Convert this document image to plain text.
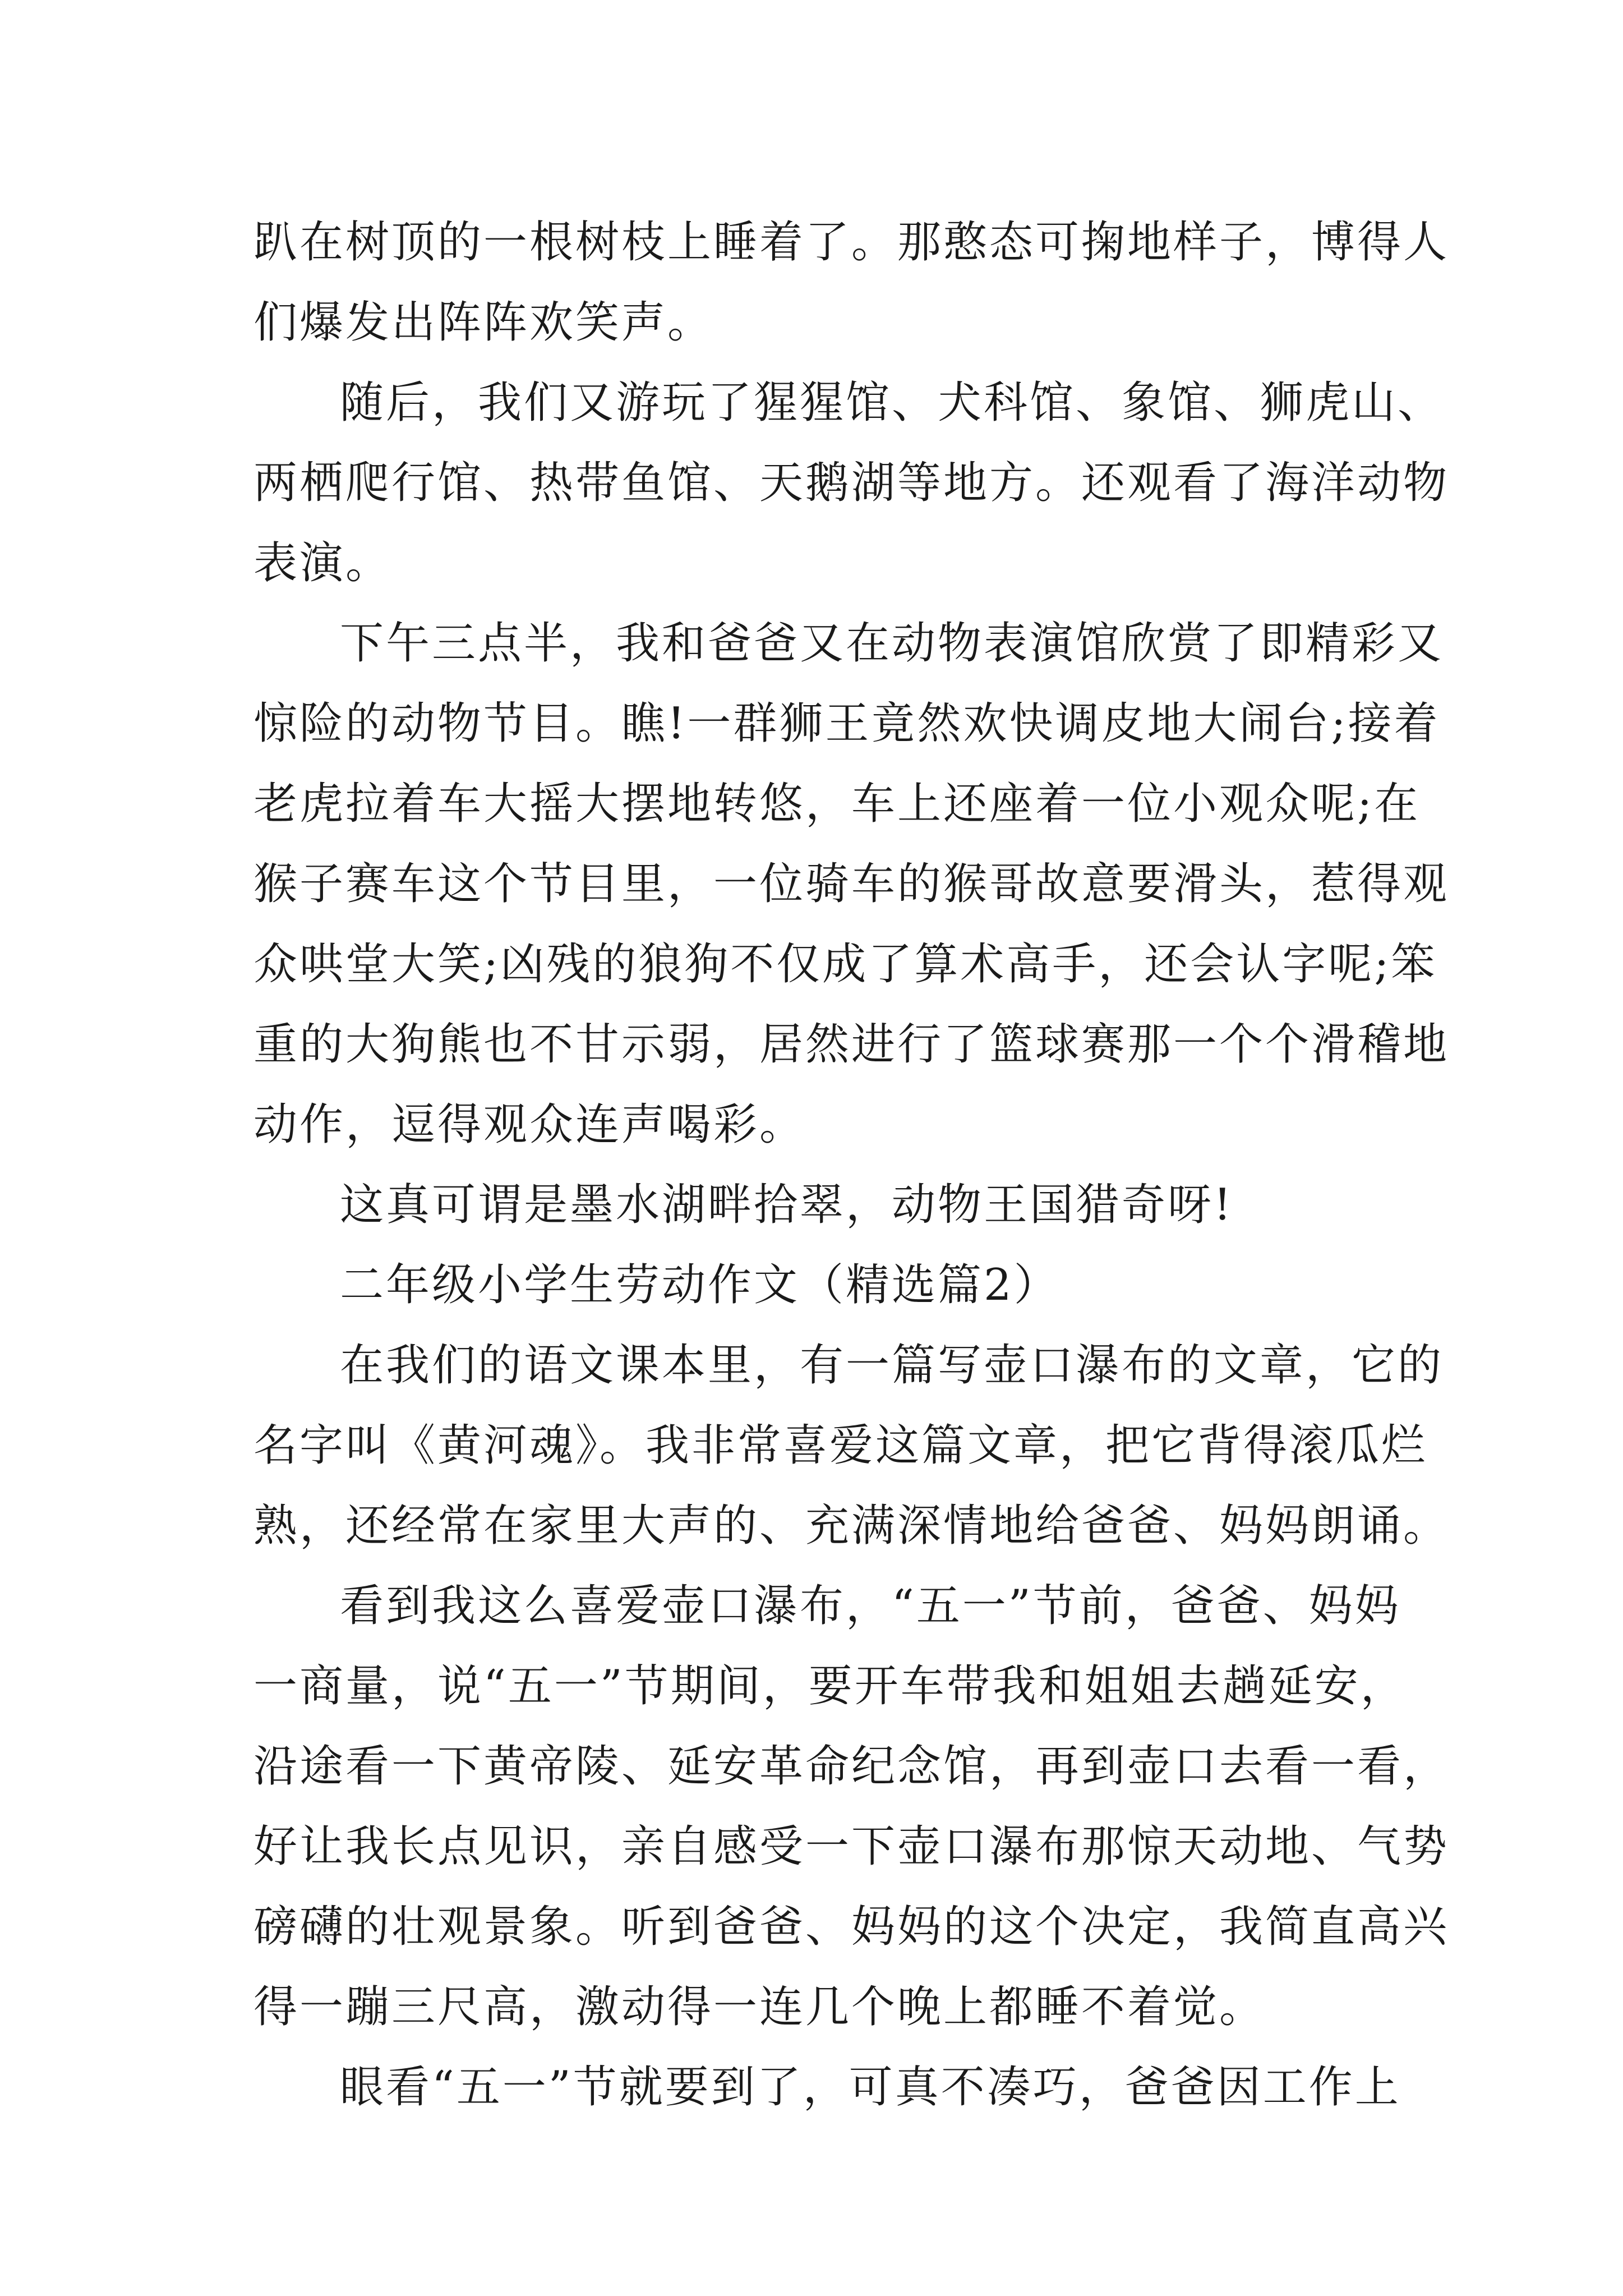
趴在树顶的一根树枝上睡着了。那憨态可掬地样子，博得人
们爆发出阵阵欢笑声。
随后，我们又游玩了猩猩馆、犬科馆、象馆、狮虎山、
两栖爬行馆、热带鱼馆、天鹅湖等地方。还观看了海洋动物
表演。
下午三点半，我和爸爸又在动物表演馆欣赏了即精彩又
惊险的动物节目。瞧!一群狮王竟然欢快调皮地大闹台;接着
老虎拉着车大摇大摆地转悠，车上还座着一位小观众呢;在
猴子赛车这个节目里，一位骑车的猴哥故意要滑头，惹得观
众哄堂大笑;凶残的狼狗不仅成了算术高手，还会认字呢;笨
重的大狗熊也不甘示弱，居然进行了篮球赛那一个个滑稽地
动作，逗得观众连声喝彩。
这真可谓是墨水湖畔拾翠，动物王国猎奇呀!
二年级小学生劳动作文（精选篇2）
在我们的语文课本里，有一篇写壶口瀑布的文章，它的
名字叫《黄河魂》。我非常喜爱这篇文章，把它背得滚瓜烂
熟，还经常在家里大声的、充满深情地给爸爸、妈妈朗诵。
看到我这么喜爱壶口瀑布，“五一”节前，爸爸、妈妈
一商量，说“五一”节期间，要开车带我和姐姐去趟延安，
沿途看一下黄帝陵、延安革命纪念馆，再到壶口去看一看，
好让我长点见识，亲自感受一下壶口瀑布那惊天动地、气势
磅礴的壮观景象。听到爸爸、妈妈的这个决定，我简直高兴
得一蹦三尺高，激动得一连几个晚上都睡不着觉。
眼看“五一”节就要到了，可真不凑巧，爸爸因工作上
